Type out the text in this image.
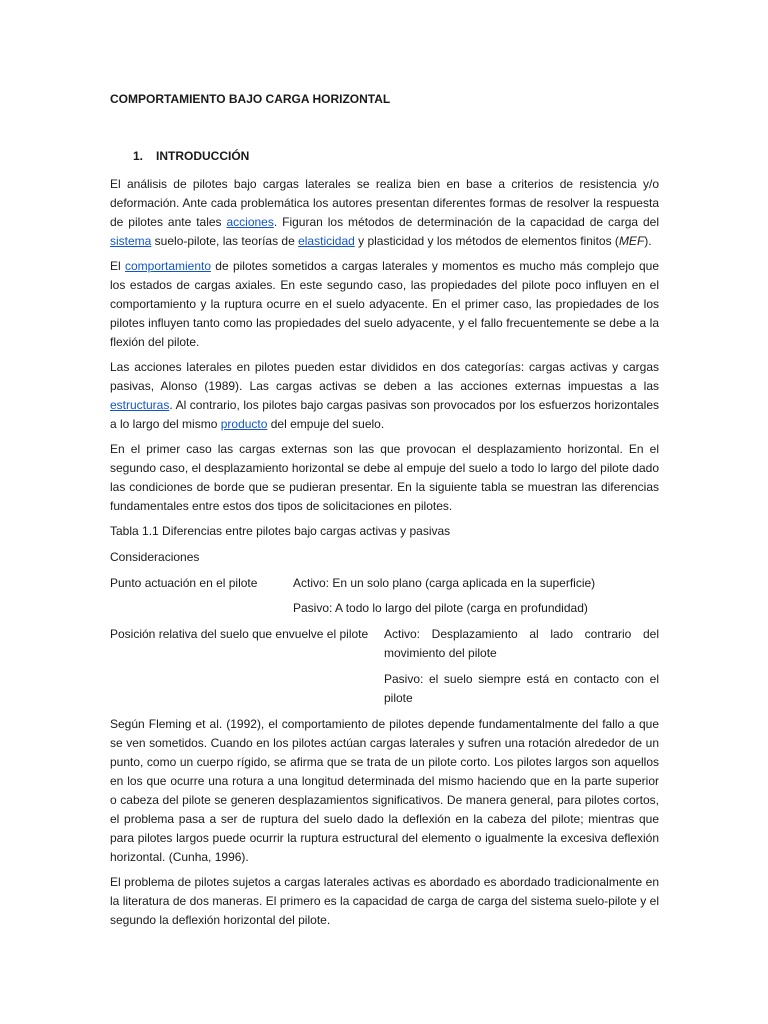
COMPORTAMIENTO BAJO CARGA HORIZONTAL
1. INTRODUCCIÓN

El análisis de pilotes bajo cargas laterales se realiza bien en base a criterios de resistencia y/o deformación. Ante cada problemática los autores presentan diferentes formas de resolver la respuesta de pilotes ante tales acciones. Figuran los métodos de determinación de la capacidad de carga del sistema suelo-pilote, las teorías de elasticidad y plasticidad y los métodos de elementos finitos (MEF).

El comportamiento de pilotes sometidos a cargas laterales y momentos es mucho más complejo que los estados de cargas axiales. En este segundo caso, las propiedades del pilote poco influyen en el comportamiento y la ruptura ocurre en el suelo adyacente. En el primer caso, las propiedades de los pilotes influyen tanto como las propiedades del suelo adyacente, y el fallo frecuentemente se debe a la flexión del pilote.

Las acciones laterales en pilotes pueden estar divididos en dos categorías: cargas activas y cargas pasivas, Alonso (1989). Las cargas activas se deben a las acciones externas impuestas a las estructuras. Al contrario, los pilotes bajo cargas pasivas son provocados por los esfuerzos horizontales a lo largo del mismo producto del empuje del suelo.

En el primer caso las cargas externas son las que provocan el desplazamiento horizontal. En el segundo caso, el desplazamiento horizontal se debe al empuje del suelo a todo lo largo del pilote dado las condiciones de borde que se pudieran presentar. En la siguiente tabla se muestran las diferencias fundamentales entre estos dos tipos de solicitaciones en pilotes.

Tabla 1.1 Diferencias entre pilotes bajo cargas activas y pasivas
Consideraciones
Punto actuación en el pilote	Activo: En un solo plano (carga aplicada en la superficie)
Pasivo: A todo lo largo del pilote (carga en profundidad)
Posición relativa del suelo que envuelve el pilote	Activo: Desplazamiento al lado contrario del movimiento del pilote
Pasivo: el suelo siempre está en contacto con el pilote

Según Fleming et al. (1992), el comportamiento de pilotes depende fundamentalmente del fallo a que se ven sometidos. Cuando en los pilotes actúan cargas laterales y sufren una rotación alrededor de un punto, como un cuerpo rígido, se afirma que se trata de un pilote corto. Los pilotes largos son aquellos en los que ocurre una rotura a una longitud determinada del mismo haciendo que en la parte superior o cabeza del pilote se generen desplazamientos significativos. De manera general, para pilotes cortos, el problema pasa a ser de ruptura del suelo dado la deflexión en la cabeza del pilote; mientras que para pilotes largos puede ocurrir la ruptura estructural del elemento o igualmente la excesiva deflexión horizontal. (Cunha, 1996).

El problema de pilotes sujetos a cargas laterales activas es abordado es abordado tradicionalmente en la literatura de dos maneras. El primero es la capacidad de carga de carga del sistema suelo-pilote y el segundo la deflexión horizontal del pilote.
